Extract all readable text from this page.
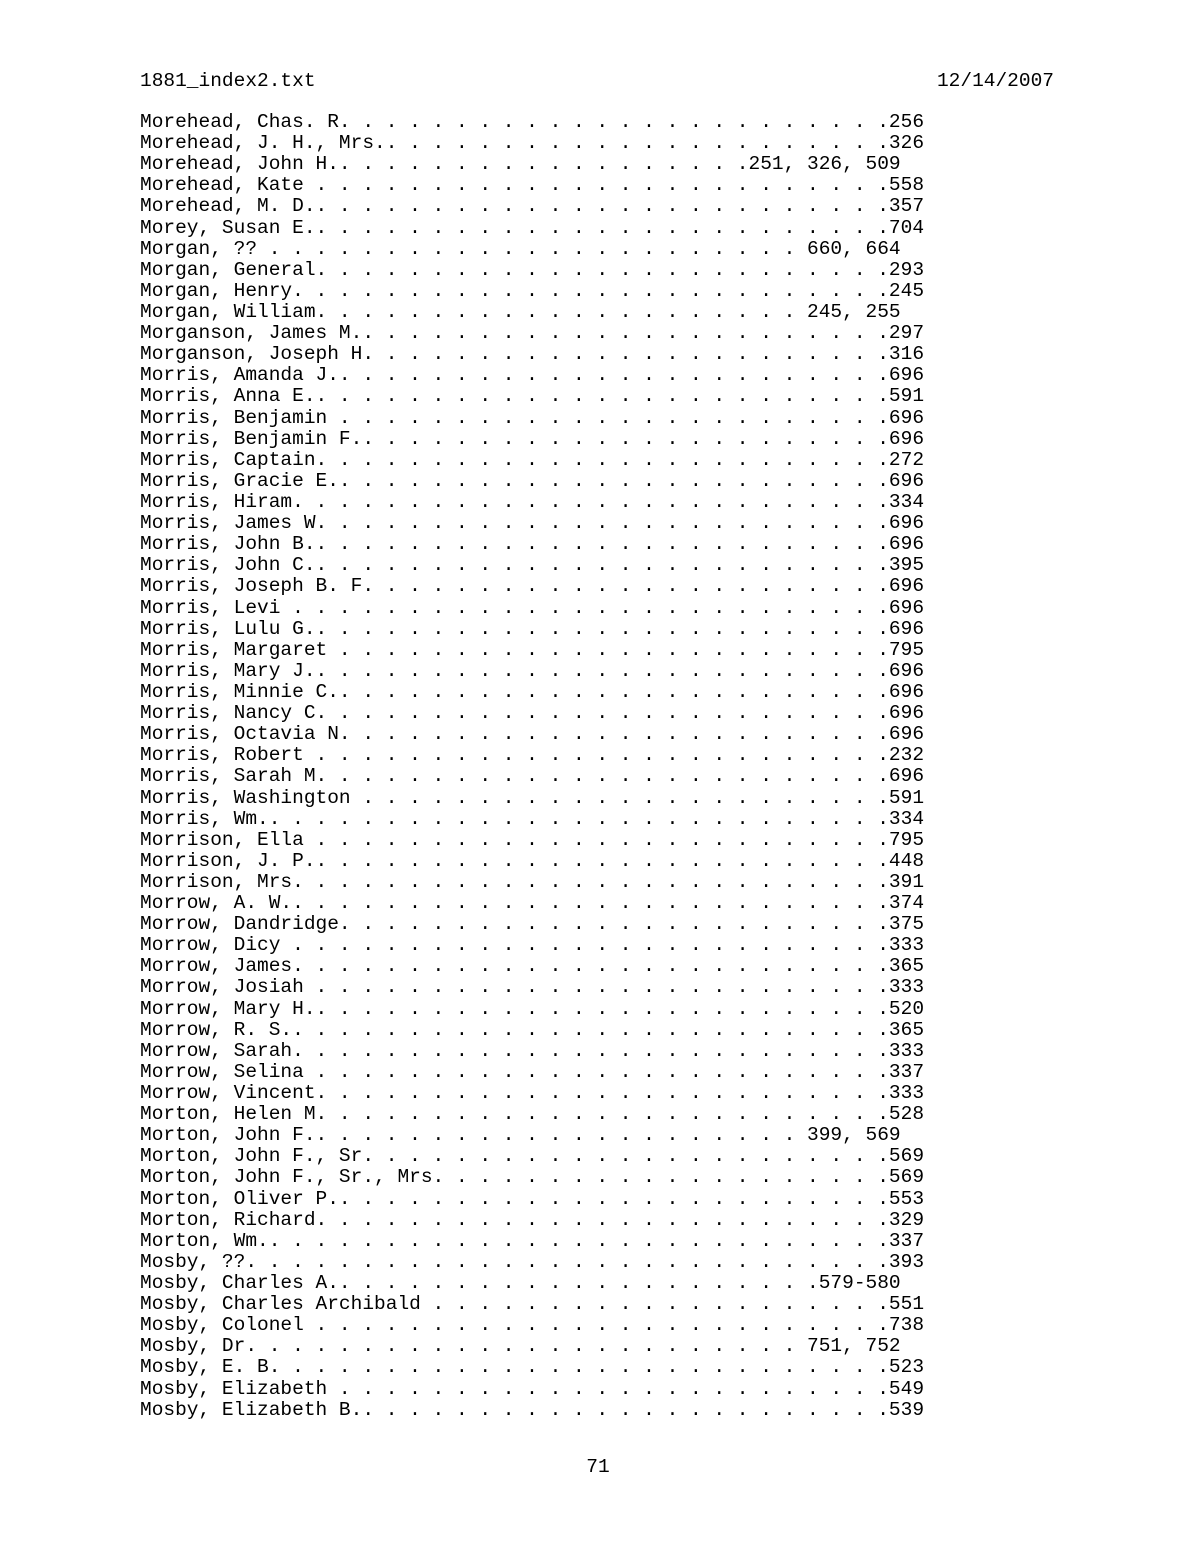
1881_index2.txt	12/14/2007
Morehead, Chas. R. . . . . . . . . . . . . . . . . . . . . . . .256
Morehead, J. H., Mrs.. . . . . . . . . . . . . . . . . . . . . .326
Morehead, John H.. . . . . . . . . . . . . . . . . .251, 326, 509
Morehead, Kate . . . . . . . . . . . . . . . . . . . . . . . . .558
Morehead, M. D.. . . . . . . . . . . . . . . . . . . . . . . . .357
Morey, Susan E.. . . . . . . . . . . . . . . . . . . . . . . . .704
Morgan, ?? . . . . . . . . . . . . . . . . . . . . . . . 660, 664
Morgan, General. . . . . . . . . . . . . . . . . . . . . . . . .293
Morgan, Henry. . . . . . . . . . . . . . . . . . . . . . . . . .245
Morgan, William. . . . . . . . . . . . . . . . . . . . . 245, 255
Morganson, James M.. . . . . . . . . . . . . . . . . . . . . . .297
Morganson, Joseph H. . . . . . . . . . . . . . . . . . . . . . .316
Morris, Amanda J.. . . . . . . . . . . . . . . . . . . . . . . .696
Morris, Anna E.. . . . . . . . . . . . . . . . . . . . . . . . .591
Morris, Benjamin . . . . . . . . . . . . . . . . . . . . . . . .696
Morris, Benjamin F.. . . . . . . . . . . . . . . . . . . . . . .696
Morris, Captain. . . . . . . . . . . . . . . . . . . . . . . . .272
Morris, Gracie E.. . . . . . . . . . . . . . . . . . . . . . . .696
Morris, Hiram. . . . . . . . . . . . . . . . . . . . . . . . . .334
Morris, James W. . . . . . . . . . . . . . . . . . . . . . . . .696
Morris, John B.. . . . . . . . . . . . . . . . . . . . . . . . .696
Morris, John C.. . . . . . . . . . . . . . . . . . . . . . . . .395
Morris, Joseph B. F. . . . . . . . . . . . . . . . . . . . . . .696
Morris, Levi . . . . . . . . . . . . . . . . . . . . . . . . . .696
Morris, Lulu G.. . . . . . . . . . . . . . . . . . . . . . . . .696
Morris, Margaret . . . . . . . . . . . . . . . . . . . . . . . .795
Morris, Mary J.. . . . . . . . . . . . . . . . . . . . . . . . .696
Morris, Minnie C.. . . . . . . . . . . . . . . . . . . . . . . .696
Morris, Nancy C. . . . . . . . . . . . . . . . . . . . . . . . .696
Morris, Octavia N. . . . . . . . . . . . . . . . . . . . . . . .696
Morris, Robert . . . . . . . . . . . . . . . . . . . . . . . . .232
Morris, Sarah M. . . . . . . . . . . . . . . . . . . . . . . . .696
Morris, Washington . . . . . . . . . . . . . . . . . . . . . . .591
Morris, Wm.. . . . . . . . . . . . . . . . . . . . . . . . . . .334
Morrison, Ella . . . . . . . . . . . . . . . . . . . . . . . . .795
Morrison, J. P.. . . . . . . . . . . . . . . . . . . . . . . . .448
Morrison, Mrs. . . . . . . . . . . . . . . . . . . . . . . . . .391
Morrow, A. W.. . . . . . . . . . . . . . . . . . . . . . . . . .374
Morrow, Dandridge. . . . . . . . . . . . . . . . . . . . . . . .375
Morrow, Dicy . . . . . . . . . . . . . . . . . . . . . . . . . .333
Morrow, James. . . . . . . . . . . . . . . . . . . . . . . . . .365
Morrow, Josiah . . . . . . . . . . . . . . . . . . . . . . . . .333
Morrow, Mary H.. . . . . . . . . . . . . . . . . . . . . . . . .520
Morrow, R. S.. . . . . . . . . . . . . . . . . . . . . . . . . .365
Morrow, Sarah. . . . . . . . . . . . . . . . . . . . . . . . . .333
Morrow, Selina . . . . . . . . . . . . . . . . . . . . . . . . .337
Morrow, Vincent. . . . . . . . . . . . . . . . . . . . . . . . .333
Morton, Helen M. . . . . . . . . . . . . . . . . . . . . . . . .528
Morton, John F.. . . . . . . . . . . . . . . . . . . . . 399, 569
Morton, John F., Sr. . . . . . . . . . . . . . . . . . . . . . .569
Morton, John F., Sr., Mrs. . . . . . . . . . . . . . . . . . . .569
Morton, Oliver P.. . . . . . . . . . . . . . . . . . . . . . . .553
Morton, Richard. . . . . . . . . . . . . . . . . . . . . . . . .329
Morton, Wm.. . . . . . . . . . . . . . . . . . . . . . . . . . .337
Mosby, ??. . . . . . . . . . . . . . . . . . . . . . . . . . . .393
Mosby, Charles A.. . . . . . . . . . . . . . . . . . . . .579-580
Mosby, Charles Archibald . . . . . . . . . . . . . . . . . . . .551
Mosby, Colonel . . . . . . . . . . . . . . . . . . . . . . . . .738
Mosby, Dr. . . . . . . . . . . . . . . . . . . . . . . . 751, 752
Mosby, E. B. . . . . . . . . . . . . . . . . . . . . . . . . . .523
Mosby, Elizabeth . . . . . . . . . . . . . . . . . . . . . . . .549
Mosby, Elizabeth B.. . . . . . . . . . . . . . . . . . . . . . .539
71
